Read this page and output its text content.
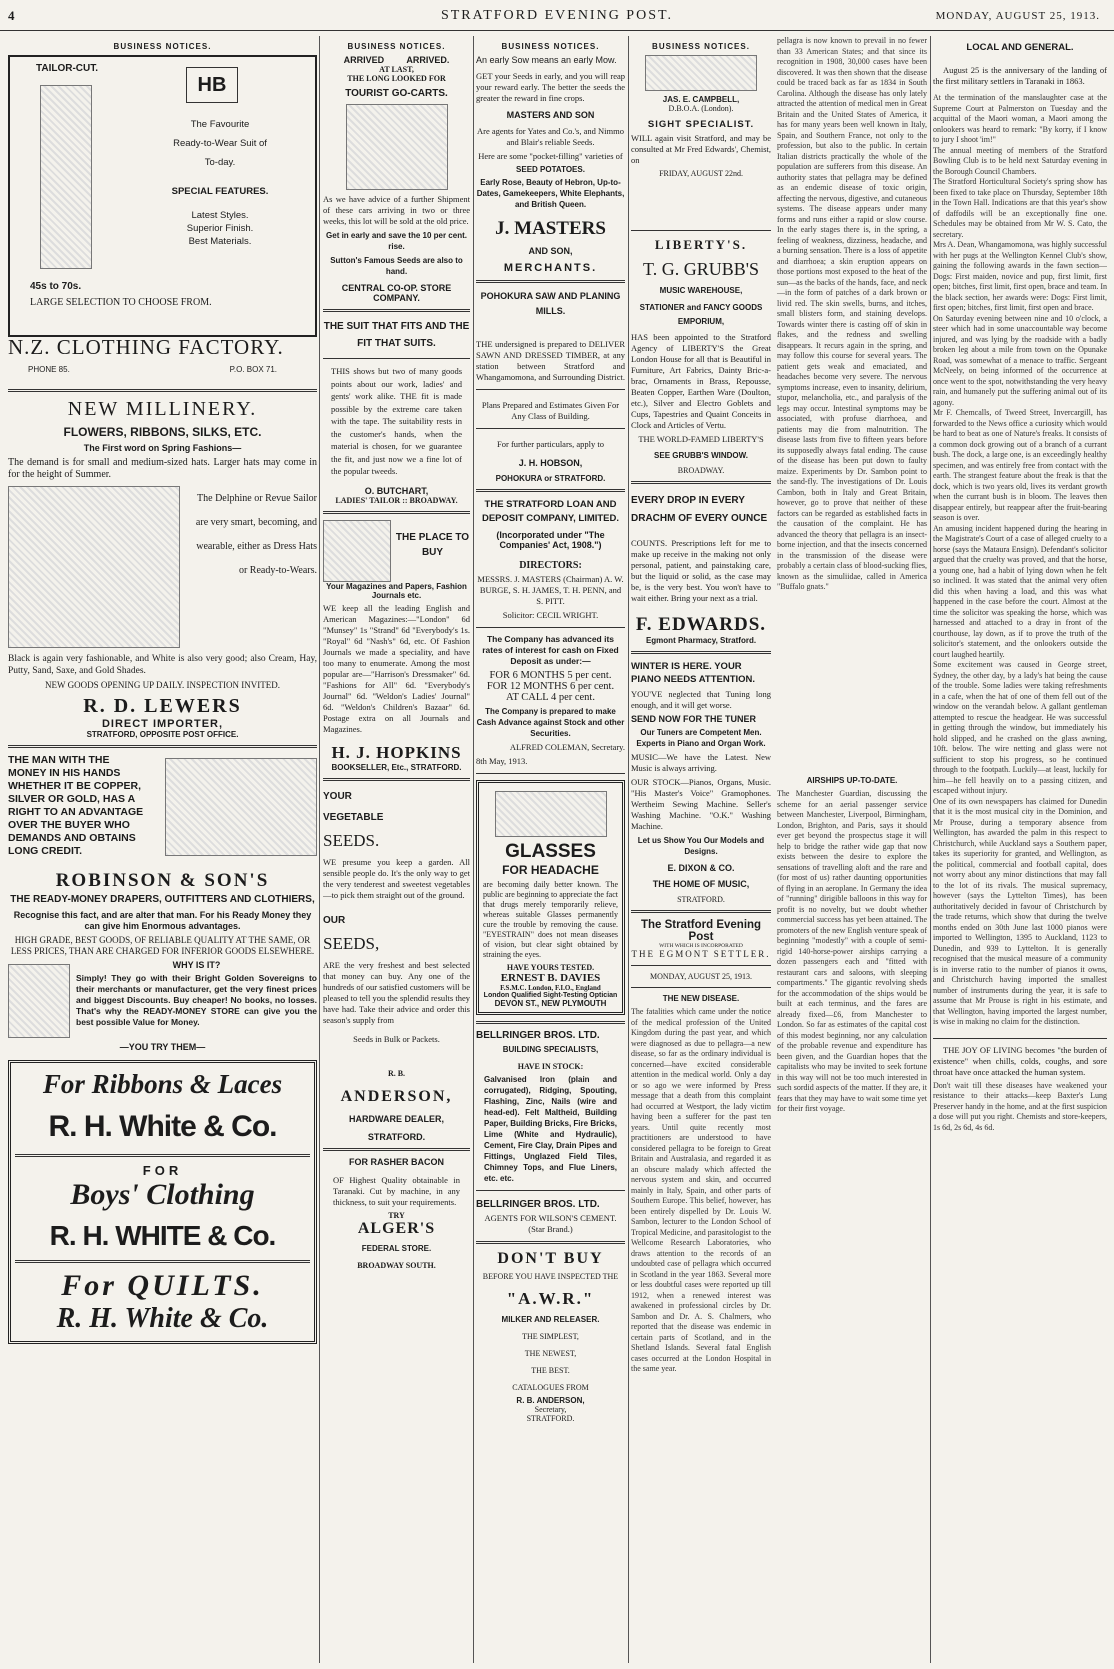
4	STRATFORD EVENING POST.	MONDAY, AUGUST 25, 1913.
BUSINESS NOTICES.
TAILOR-CUT.
HB
The Favourite
Ready-to-Wear Suit of
To-day.
SPECIAL FEATURES.
Latest Styles.
Superior Finish.
Best Materials.
45s to 70s.
LARGE SELECTION TO CHOOSE FROM.
N.Z. CLOTHING FACTORY.
PHONE 85.	P.O. BOX 71.
NEW MILLINERY.
FLOWERS, RIBBONS, SILKS, ETC.
The First word on Spring Fashions—
The demand is for small and medium-sized hats. Larger hats may come in for the height of Summer.
The Delphine or Revue Sailor are very smart, becoming, and wearable, either as Dress Hats or Ready-to-Wears.
Black is again very fashionable, and White is also very good; also Cream, Hay, Putty, Sand, Saxe, and Gold Shades.
NEW GOODS OPENING UP DAILY. INSPECTION INVITED.
R. D. LEWERS
DIRECT IMPORTER,
STRATFORD, OPPOSITE POST OFFICE.
THE MAN WITH THE MONEY IN HIS HANDS WHETHER IT BE COPPER, SILVER OR GOLD, HAS A RIGHT TO AN ADVANTAGE OVER THE BUYER WHO DEMANDS AND OBTAINS LONG CREDIT.
ROBINSON & SON'S
THE READY-MONEY DRAPERS, OUTFITTERS AND CLOTHIERS,
Recognise this fact, and are alter that man. For his Ready Money they can give him Enormous advantages.
HIGH GRADE, BEST GOODS, OF RELIABLE QUALITY AT THE SAME, OR LESS PRICES, THAN ARE CHARGED FOR INFERIOR GOODS ELSEWHERE.
WHY IS IT?
Simply! They go with their Bright Golden Sovereigns to their merchants or manufacturer, get the very finest prices and biggest Discounts. Buy cheaper! No books, no losses. That's why the READY-MONEY STORE can give you the best possible Value for Money.
—YOU TRY THEM—
For Ribbons & Laces
R. H. White & Co.
FOR
Boys' Clothing
R. H. WHITE & Co.
For QUILTS.
R. H. White & Co.
BUSINESS NOTICES.
ARRIVED ARRIVED.
AT LAST,
THE LONG LOOKED FOR
TOURIST GO-CARTS.
As we have advice of a further Shipment of these cars arriving in two or three weeks, this lot will be sold at the old price.
Get in early and save the 10 per cent. rise.
Sutton's Famous Seeds are also to hand.
CENTRAL CO-OP. STORE COMPANY.
THE SUIT THAT FITS AND THE FIT THAT SUITS.
THIS shows but two of many goods points about our work, ladies' and gents' work alike. THE fit is made possible by the extreme care taken with the tape. The suitability rests in the customer's hands, when the material is chosen, for we guarantee the fit, and just now we a fine lot of the popular tweeds.
O. BUTCHART,
LADIES' TAILOR :: BROADWAY.
THE PLACE TO BUY
Your Magazines and Papers, Fashion Journals etc.
WE keep all the leading English and American Magazines:—"London" 6d "Munsey" 1s "Strand" 6d "Everybody's 1s. "Royal" 6d "Nash's" 6d, etc. Of Fashion Journals we made a speciality, and have too many to enumerate. Among the most popular are—"Harrison's Dressmaker" 6d. "Fashions for All" 6d. "Everybody's Journal" 6d. "Weldon's Ladies' Journal" 6d. "Weldon's Children's Bazaar" 6d. Postage extra on all Journals and Magazines.
H. J. HOPKINS
BOOKSELLER, Etc., STRATFORD.
YOUR
VEGETABLE
SEEDS.
WE presume you keep a garden. All sensible people do. It's the only way to get the very tenderest and sweetest vegetables —to pick them straight out of the ground.
OUR
SEEDS,
ARE the very freshest and best selected that money can buy. Any one of the hundreds of our satisfied customers will be pleased to tell you the splendid results they have had. Take their advice and order this season's supply from
Seeds in Bulk or Packets.
R. B.
ANDERSON,
HARDWARE DEALER,
STRATFORD.
FOR RASHER BACON
OF Highest Quality obtainable in Taranaki. Cut by machine, in any thickness, to suit your requirements.
TRY
ALGER'S
FEDERAL STORE.
BROADWAY SOUTH.
BUSINESS NOTICES.
An early Sow means an early Mow.
GET your Seeds in early, and you will reap your reward early. The better the seeds the greater the reward in fine crops.
MASTERS AND SON
Are agents for Yates and Co.'s, and Nimmo and Blair's reliable Seeds.
Here are some "pocket-filling" varieties of
SEED POTATOES.
Early Rose, Beauty of Hebron, Up-to-Dates, Gamekeepers, White Elephants, and British Queen.
J. MASTERS
AND SON,
MERCHANTS.
POHOKURA SAW AND PLANING MILLS.
THE undersigned is prepared to DELIVER SAWN AND DRESSED TIMBER, at any station between Stratford and Whangamomona, and Surrounding District.
Plans Prepared and Estimates Given For Any Class of Building.
For further particulars, apply to
J. H. HOBSON,
POHOKURA or STRATFORD.
THE STRATFORD LOAN AND DEPOSIT COMPANY, LIMITED.
(Incorporated under "The Companies' Act, 1908.")
DIRECTORS:
MESSRS. J. MASTERS (Chairman) A. W. BURGE, S. H. JAMES, T. H. PENN, and S. PITT.
Solicitor: CECIL WRIGHT.
The Company has advanced its rates of interest for cash on Fixed Deposit as under:—
FOR 6 MONTHS 5 per cent.
FOR 12 MONTHS 6 per cent.
AT CALL 4 per cent.
The Company is prepared to make Cash Advance against Stock and other Securities.
ALFRED COLEMAN, Secretary.
8th May, 1913.
GLASSES
FOR HEADACHE
are becoming daily better known. The public are beginning to appreciate the fact that drugs merely temporarily relieve, whereas suitable Glasses permanently cure the trouble by removing the cause. "EYESTRAIN" does not mean diseases of vision, but clear sight obtained by straining the eyes.
HAVE YOURS TESTED.
ERNEST B. DAVIES
F.S.M.C. London, F.I.O., England
London Qualified Sight-Testing Optician
DEVON ST., NEW PLYMOUTH
BELLRINGER BROS. LTD.
BUILDING SPECIALISTS,
HAVE IN STOCK:
Galvanised Iron (plain and corrugated), Ridging, Spouting, Flashing, Zinc, Nails (wire and head-ed). Felt Maltheid, Building Paper, Building Bricks, Fire Bricks, Lime (White and Hydraulic), Cement, Fire Clay, Drain Pipes and Fittings, Unglazed Field Tiles, Chimney Tops, and Flue Liners, etc. etc.
BELLRINGER BROS. LTD.
AGENTS FOR WILSON'S CEMENT. (Star Brand.)
DON'T BUY
BEFORE YOU HAVE INSPECTED THE
"A.W.R."
MILKER AND RELEASER.
THE SIMPLEST,
THE NEWEST,
THE BEST.
CATALOGUES FROM
R. B. ANDERSON,
Secretary,
STRATFORD.
BUSINESS NOTICES.
JAS. E. CAMPBELL,
D.B.O.A. (London).
SIGHT SPECIALIST.
WILL again visit Stratford, and may be consulted at Mr Fred Edwards', Chemist, on
FRIDAY, AUGUST 22nd.
pellagra is now known to prevail in no fewer than 33 American States; and that since its recognition in 1908, 30,000 cases have been discovered. It was then shown that the disease could be traced back as far as 1834 in South Carolina. Although the disease has only lately attracted the attention of medical men in Great Britain and the United States of America, it has for many years been well known in Italy, Spain, and Southern France, not only to the profession, but also to the public. In certain Italian districts practically the whole of the population are sufferers from this disease. An authority states that pellagra may be defined as an endemic disease of toxic origin, affecting the nervous, digestive, and cutaneous systems. The disease appears under many forms and runs either a rapid or slow course. In the early stages there is, in the spring, a feeling of weakness, dizziness, headache, and a burning sensation. There is a loss of appetite and diarrhoea; a skin eruption appears on those portions most exposed to the heat of the sun—as the backs of the hands, face, and neck—in the form of patches of a dark brown or livid red. The skin swells, burns, and itches, small blisters form, and staining develops. Towards winter there is casting off of skin in flakes, and the redness and swelling disappears. It recurs again in the spring, and may follow this course for several years. The patient gets weak and emaciated, and headaches become very severe. The nervous symptoms increase, even to insanity, delirium, stupor, melancholia, etc., and paralysis of the legs may occur. Intestinal symptoms may be associated, with profuse diarrhoea, and patients may die from malnutrition. The disease lasts from five to fifteen years before its supposedly always fatal ending. The cause of the disease has been put down to faulty maize. Experiments by Dr. Sambon point to the sand-fly. The investigations of Dr. Louis Cambon, both in Italy and Great Britain, however, go to prove that neither of these factors can be regarded as established facts in the causation of the complaint. He has advanced the theory that pellagra is an insect-borne injection, and that the insects concerned in the transmission of the disease were probably a certain class of blood-sucking flies, known as the simuliidae, called in America "Buffalo gnats."
LIBERTY'S.
T. G. GRUBB'S
MUSIC WAREHOUSE,
STATIONER and FANCY GOODS EMPORIUM,
HAS been appointed to the Stratford Agency of LIBERTY'S the Great London House for all that is Beautiful in Furniture, Art Fabrics, Dainty Bric-a-brac, Ornaments in Brass, Repousse, Beaten Copper, Earthen Ware (Doulton, etc.), Silver and Electro Goblets and Cups, Tapestries and Quaint Conceits in Clock and Articles of Vertu.
THE WORLD-FAMED LIBERTY'S
SEE GRUBB'S WINDOW.
BROADWAY.
EVERY DROP IN EVERY DRACHM OF EVERY OUNCE
COUNTS. Prescriptions left for me to make up receive in the making not only personal, patient, and painstaking care, but the liquid or solid, as the case may be, is the very best. You won't have to wait either. Bring your next as a trial.
F. EDWARDS.
Egmont Pharmacy, Stratford.
WINTER IS HERE. YOUR PIANO NEEDS ATTENTION.
YOU'VE neglected that Tuning long enough, and it will get worse.
SEND NOW FOR THE TUNER
Our Tuners are Competent Men. Experts in Piano and Organ Work.
MUSIC—We have the Latest. New Music is always arriving.
OUR STOCK—Pianos, Organs, Music. "His Master's Voice" Gramophones. Wertheim Sewing Machine. Seller's Washing Machine. "O.K." Washing Machine.
Let us Show You Our Models and Designs.
E. DIXON & CO.
THE HOME OF MUSIC,
STRATFORD.
The Stratford Evening Post
WITH WHICH IS INCORPORATED
THE EGMONT SETTLER.
MONDAY, AUGUST 25, 1913.
THE NEW DISEASE.
The fatalities which came under the notice of the medical profession of the United Kingdom during the past year, and which were diagnosed as due to pellagra—a new disease, so far as the ordinary individual is concerned—have excited considerable attention in the medical world. Only a day or so ago we were informed by Press message that a death from this complaint had occurred at Westport, the lady victim having been a sufferer for the past ten years. Until quite recently most practitioners are understood to have considered pellagra to be foreign to Great Britain and Australasia, and regarded it as an obscure malady which affected the nervous system and skin, and occurred mainly in Italy, Spain, and other parts of Southern Europe. This belief, however, has been entirely dispelled by Dr. Louis W. Sambon, lecturer to the London School of Tropical Medicine, and parasitologist to the Wellcome Research Laboratories, who draws attention to the records of an undoubted case of pellagra which occurred in Scotland in the year 1863. Several more or less doubtful cases were reported up till 1912, when a renewed interest was awakened in professional circles by Dr. Sambon and Dr. A. S. Chalmers, who reported that the disease was endemic in certain parts of Scotland, and in the Shetland Islands. Several fatal English cases occurred at the London Hospital in the same year.
AIRSHIPS UP-TO-DATE.
The Manchester Guardian, discussing the scheme for an aerial passenger service between Manchester, Liverpool, Birmingham, London, Brighton, and Paris, says it should ever get beyond the prospectus stage it will help to bridge the rather wide gap that now exists between the desire to explore the sensations of travelling aloft and the rare and (for most of us) rather daunting opportunities of flying in an aeroplane. In Germany the idea of "running" dirigible balloons in this way for profit is no novelty, but we doubt whether commercial success has yet been attained. The promoters of the new English venture speak of beginning "modestly" with a couple of semi-rigid 140-horse-power airships carrying a dozen passengers each and "fitted with restaurant cars and saloons, with sleeping compartments." The gigantic revolving sheds for the accommodation of the ships would be built at each terminus, and the fares are already fixed—£6, from Manchester to London. So far as estimates of the capital cost of this modest beginning, nor any calculation of the probable revenue and expenditure has been given, and the Guardian hopes that the capitalists who may be invited to seek fortune in this way will not be too much interested in such sordid aspects of the matter. If they are, it fears that they may have to wait some time yet for their first voyage.
LOCAL AND GENERAL.
August 25 is the anniversary of the landing of the first military settlers in Taranaki in 1863.
At the termination of the manslaughter case at the Supreme Court at Palmerston on Tuesday and the acquittal of the Maori woman, a Maori among the onlookers was heard to remark: "By korry, if I know to jury I shoot 'im!"
The annual meeting of members of the Stratford Bowling Club is to be held next Saturday evening in the Borough Council Chambers.
The Stratford Horticultural Society's spring show has been fixed to take place on Thursday, September 18th in the Town Hall. Indications are that this year's show of daffodils will be an exceptionally fine one. Schedules may be obtained from Mr W. S. Cato, the secretary.
Mrs A. Dean, Whangamomona, was highly successful with her pugs at the Wellington Kennel Club's show, gaining the following awards in the fawn section—Dogs: First maiden, novice and pup, first limit, first open; bitches, first limit, first open, brace and team. In the black section, her awards were: Dogs: First limit, first open; bitches, first limit, first open and brace.
On Saturday evening between nine and 10 o'clock, a steer which had in some unaccountable way become injured, and was lying by the roadside with a badly broken leg about a mile from town on the Opunake Road, was somewhat of a menace to traffic. Sergeant McNeely, on being informed of the occurrence at once went to the spot, notwithstanding the very heavy rain, and humanely put the suffering animal out of its agony.
Mr F. Chemcalls, of Tweed Street, Invercargill, has forwarded to the News office a curiosity which would be hard to beat as one of Nature's freaks. It consists of a common dock growing out of a branch of a currant bush. The dock, a large one, is an exceedingly healthy specimen, and was entirely free from contact with the earth. The strangest feature about the freak is that the dock, which is two years old, lives its verdant growth when the currant bush is in bloom. The leaves then disappear entirely, but reappear after the fruit-bearing season is over.
An amusing incident happened during the hearing in the Magistrate's Court of a case of alleged cruelty to a horse (says the Mataura Ensign). Defendant's solicitor argued that the cruelty was proved, and that the horse, a young one, had a habit of lying down when he felt so inclined. It was stated that the animal very often did this when having a load, and this was what happened in the case before the court. Almost at the time the solicitor was speaking the horse, which was harnessed and attached to a dray in front of the courthouse, lay down, as if to prove the truth of the solicitor's statement, and the onlookers outside the court laughed heartily.
Some excitement was caused in George street, Sydney, the other day, by a lady's hat being the cause of the trouble. Some ladies were taking refreshments in a cafe, when the hat of one of them fell out of the window on the verandah below. A gallant gentleman attempted to rescue the headgear. He was successful in getting through the window, but immediately his hold slipped, and he crashed on the glass awning, 10ft. below. The wire netting and glass were not sufficient to stop his progress, so he continued through to the footpath. Luckily—at least, luckily for him—he fell heavily on to a passing citizen, and escaped without injury.
One of its own newspapers has claimed for Dunedin that it is the most musical city in the Dominion, and Mr Prouse, during a temporary absence from Wellington, has awarded the palm in this respect to Christchurch, while Auckland says a Southern paper, takes its superiority for granted, and Wellington, as the political, commercial and football capital, does not worry about any minor distinctions that may fall to the lot of its rivals. The musical supremacy, however (says the Lyttelton Times), has been authoritatively decided in favour of Christchurch by the trade returns, which show that during the twelve months ended on 30th June last 1000 pianos were imported to Wellington, 1395 to Auckland, 1123 to Dunedin, and 939 to Lyttelton. It is generally recognised that the musical measure of a community is in inverse ratio to the number of pianos it owns, and Christchurch having imported the smallest number of instruments during the year, it is safe to assume that Mr Prouse is right in his estimate, and that Wellington, having imported the largest number, is wise in making no claim for the distinction.
THE JOY OF LIVING becomes "the burden of existence" when chills, colds, coughs, and sore throat have once attacked the human system.
Don't wait till these diseases have weakened your resistance to their attacks—keep Baxter's Lung Preserver handy in the home, and at the first suspicion a dose will put you right. Chemists and store-keepers, 1s 6d, 2s 6d, 4s 6d.
